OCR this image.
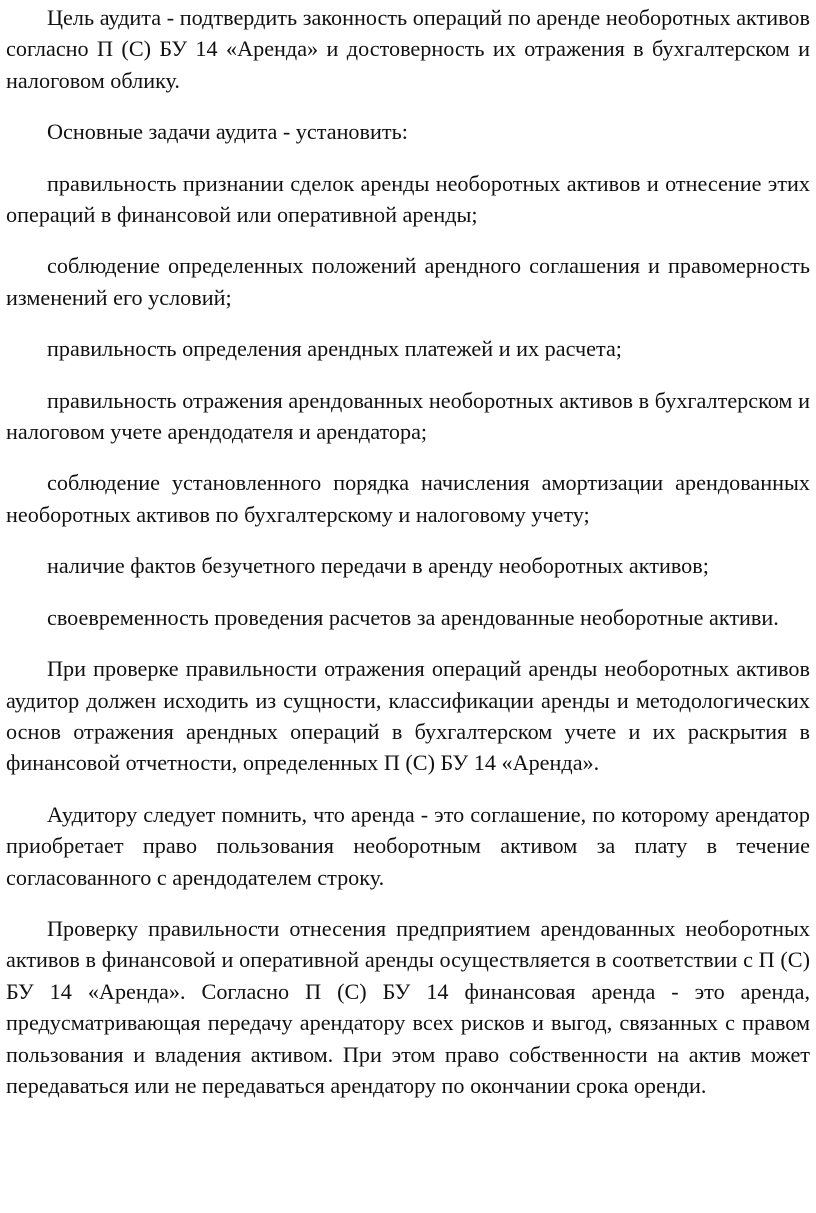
Цель аудита - подтвердить законность операций по аренде необоротных активов согласно П (С) БУ 14 «Аренда» и достоверность их отражения в бухгалтерском и налоговом облику.

Основные задачи аудита - установить:

правильность признании сделок аренды необоротных активов и отнесение этих операций в финансовой или оперативной аренды;

соблюдение определенных положений арендного соглашения и правомерность изменений его условий;

правильность определения арендных платежей и их расчета;

правильность отражения арендованных необоротных активов в бухгалтерском и налоговом учете арендодателя и арендатора;

соблюдение установленного порядка начисления амортизации арендованных необоротных активов по бухгалтерскому и налоговому учету;

наличие фактов безучетного передачи в аренду необоротных активов;

своевременность проведения расчетов за арендованные необоротные активи.

При проверке правильности отражения операций аренды необоротных активов аудитор должен исходить из сущности, классификации аренды и методологических основ отражения арендных операций в бухгалтерском учете и их раскрытия в финансовой отчетности, определенных П (С) БУ 14 «Аренда».

Аудитору следует помнить, что аренда - это соглашение, по которому арендатор приобретает право пользования необоротным активом за плату в течение согласованного с арендодателем строку.

Проверку правильности отнесения предприятием арендованных необоротных активов в финансовой и оперативной аренды осуществляется в соответствии с П (С) БУ 14 «Аренда». Согласно П (С) БУ 14 финансовая аренда - это аренда, предусматривающая передачу арендатору всех рисков и выгод, связанных с правом пользования и владения активом. При этом право собственности на актив может передаваться или не передаваться арендатору по окончании срока оренди.
